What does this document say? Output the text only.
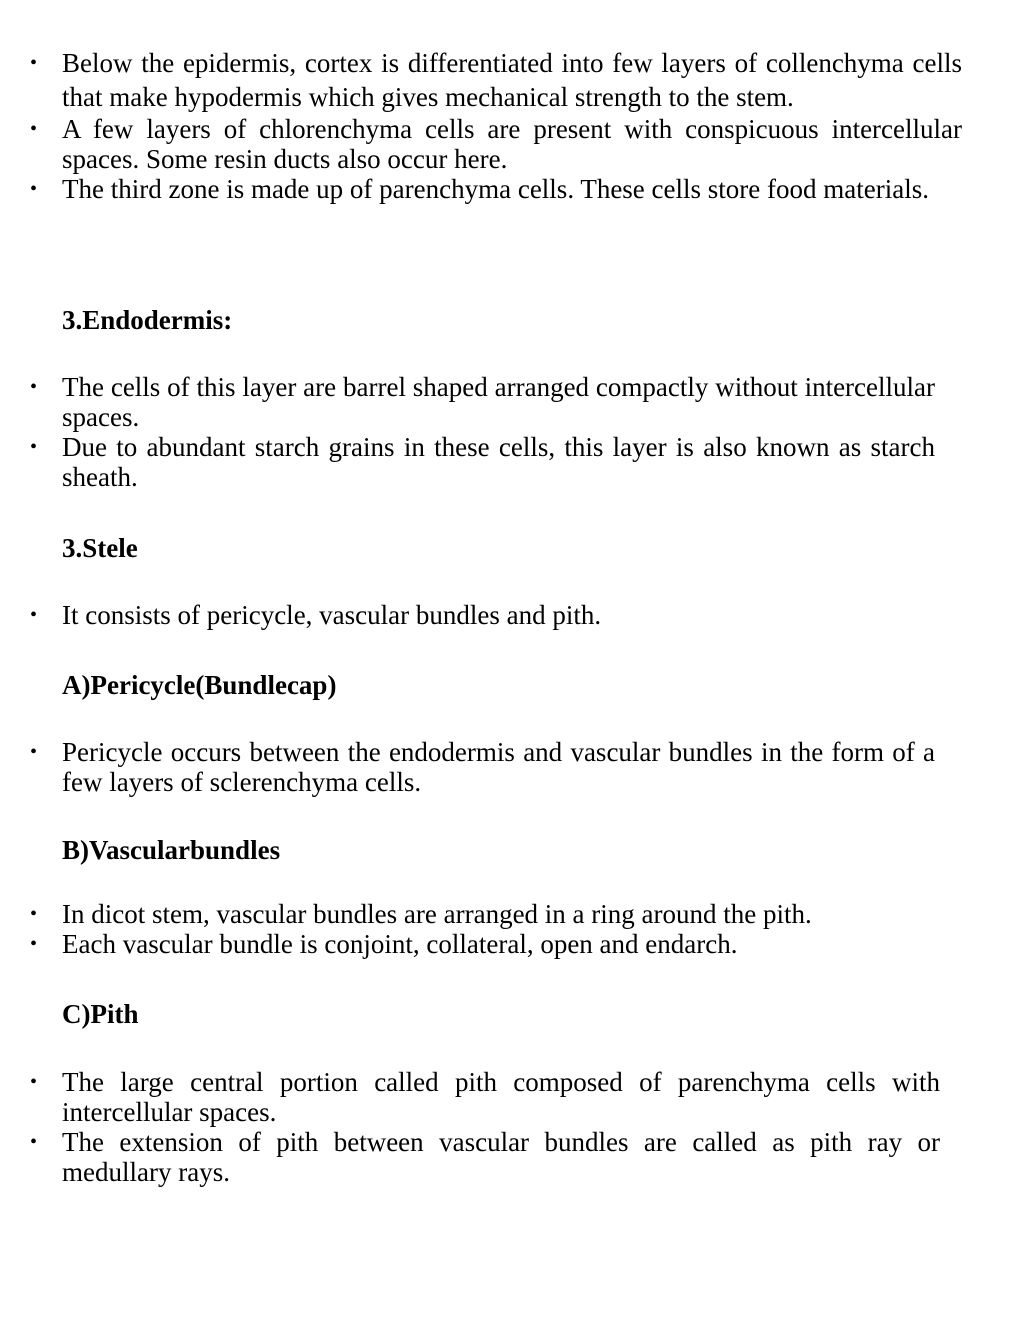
• Below the epidermis, cortex is differentiated into few layers of collenchyma cells that make hypodermis which gives mechanical strength to the stem.
• A few layers of chlorenchyma cells are present with conspicuous intercellular spaces. Some resin ducts also occur here.
• The third zone is made up of parenchyma cells. These cells store food materials.
3.Endodermis:
• The cells of this layer are barrel shaped arranged compactly without intercellular spaces.
• Due to abundant starch grains in these cells, this layer is also known as starch sheath.
3.Stele
• It consists of pericycle, vascular bundles and pith.
A)Pericycle(Bundlecap)
• Pericycle occurs between the endodermis and vascular bundles in the form of a few layers of sclerenchyma cells.
B)Vascularbundles
• In dicot stem, vascular bundles are arranged in a ring around the pith.
• Each vascular bundle is conjoint, collateral, open and endarch.
C)Pith
• The large central portion called pith composed of parenchyma cells with intercellular spaces.
• The extension of pith between vascular bundles are called as pith ray or medullary rays.
